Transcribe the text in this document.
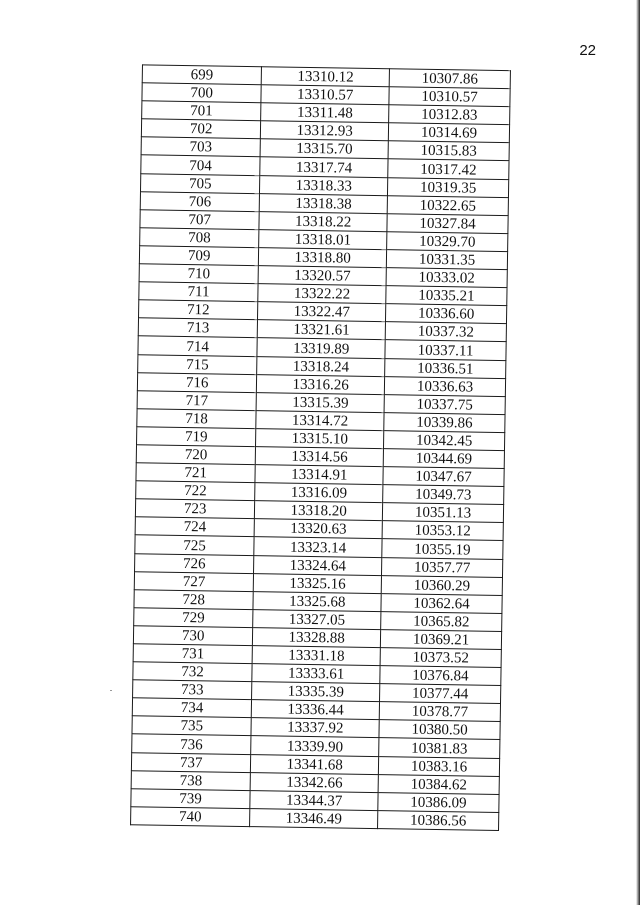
22
699	13310.12	10307.86
700	13310.57	10310.57
701	13311.48	10312.83
702	13312.93	10314.69
703	13315.70	10315.83
704	13317.74	10317.42
705	13318.33	10319.35
706	13318.38	10322.65
707	13318.22	10327.84
708	13318.01	10329.70
709	13318.80	10331.35
710	13320.57	10333.02
711	13322.22	10335.21
712	13322.47	10336.60
713	13321.61	10337.32
714	13319.89	10337.11
715	13318.24	10336.51
716	13316.26	10336.63
717	13315.39	10337.75
718	13314.72	10339.86
719	13315.10	10342.45
720	13314.56	10344.69
721	13314.91	10347.67
722	13316.09	10349.73
723	13318.20	10351.13
724	13320.63	10353.12
725	13323.14	10355.19
726	13324.64	10357.77
727	13325.16	10360.29
728	13325.68	10362.64
729	13327.05	10365.82
730	13328.88	10369.21
731	13331.18	10373.52
732	13333.61	10376.84
733	13335.39	10377.44
734	13336.44	10378.77
735	13337.92	10380.50
736	13339.90	10381.83
737	13341.68	10383.16
738	13342.66	10384.62
739	13344.37	10386.09
740	13346.49	10386.56
